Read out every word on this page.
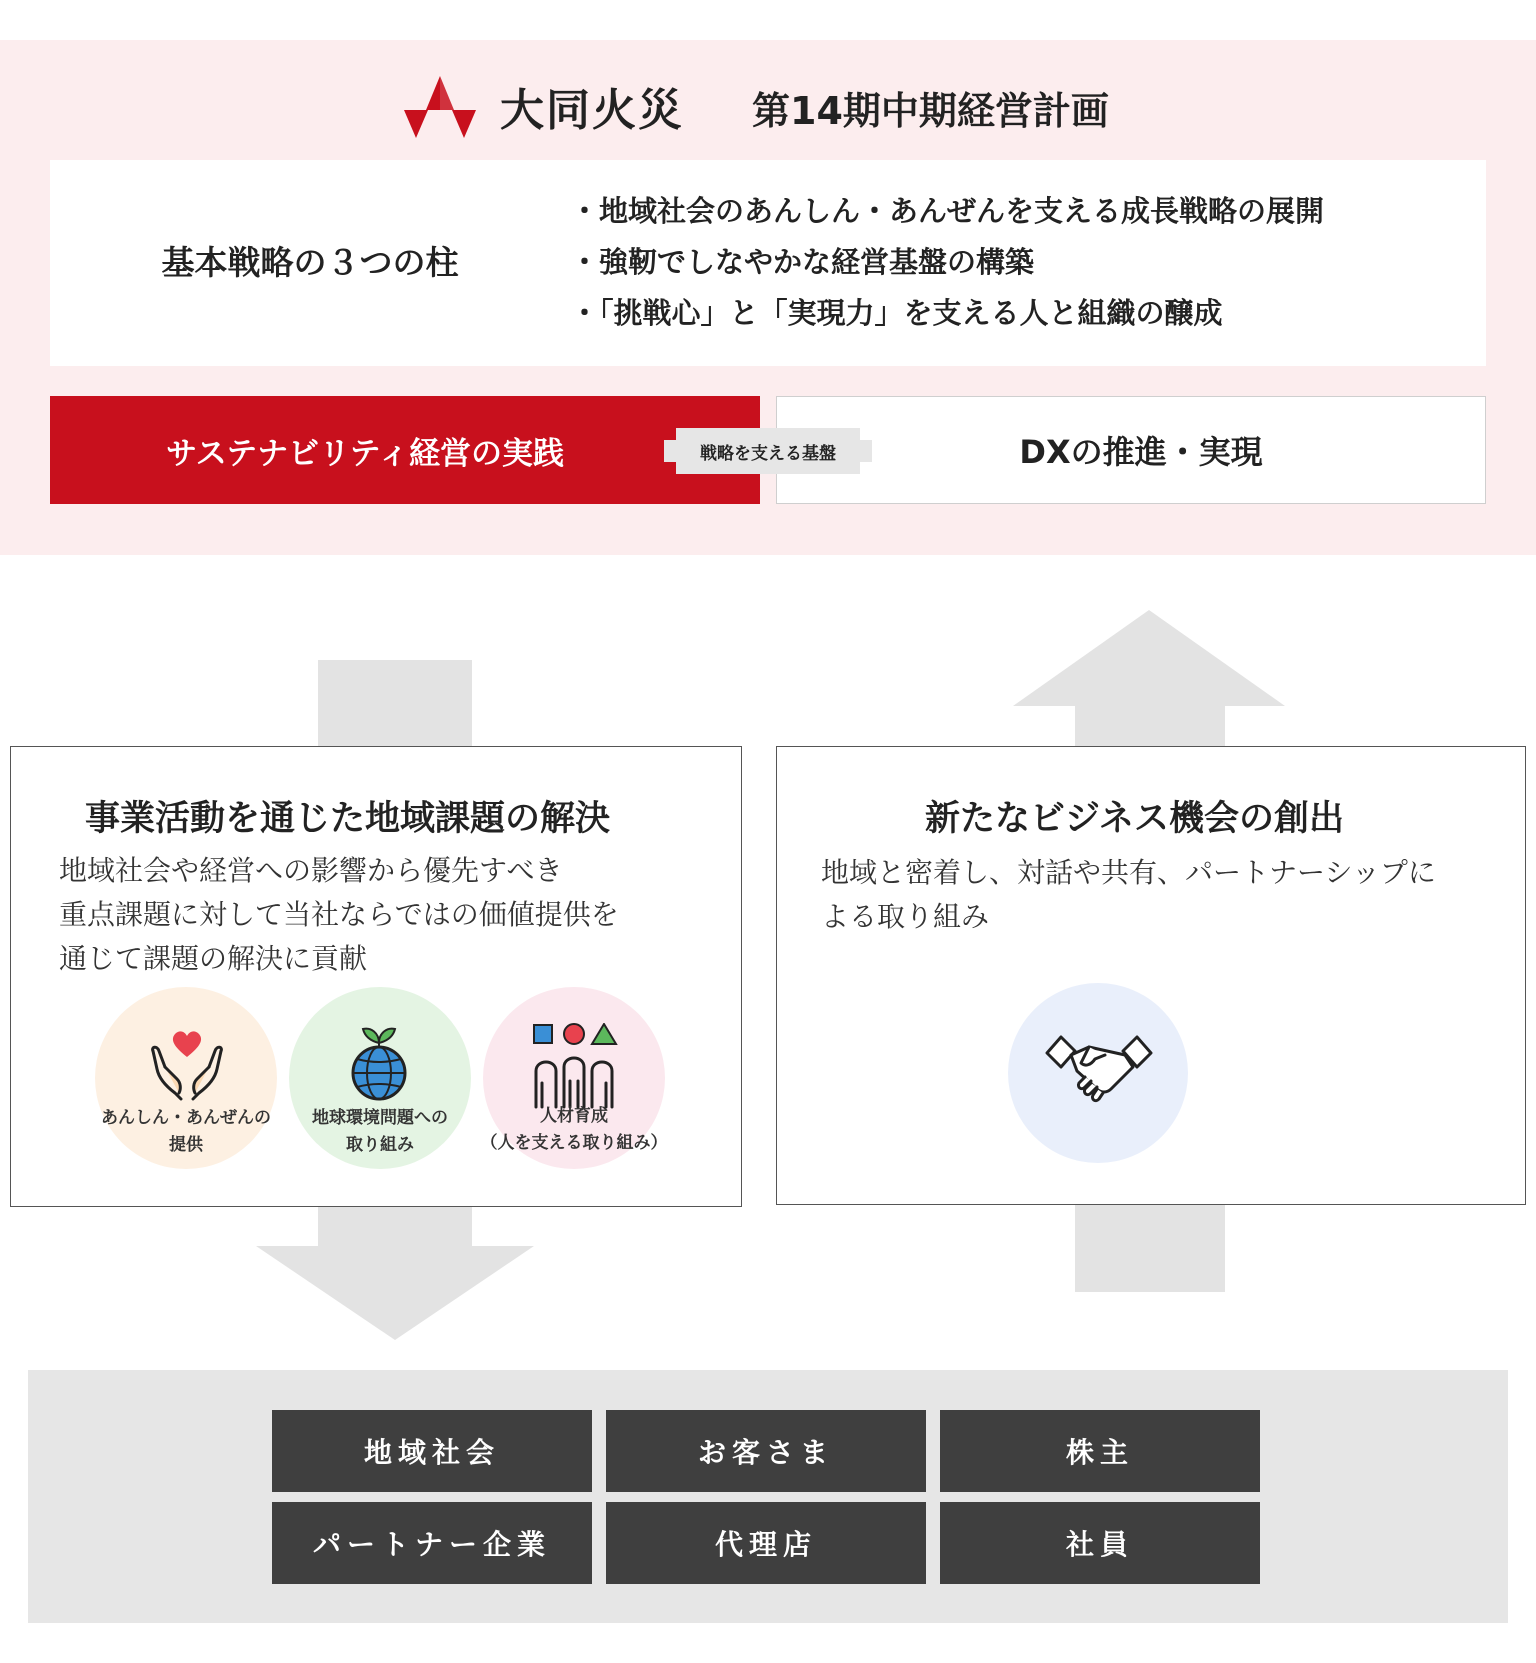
大同火災 第14期中期経営計画
基本戦略の３つの柱
・ 地域社会のあんしん・あんぜんを支える成長戦略の展開
・ 強靭でしなやかな経営基盤の構築
・ 「挑戦心」と「実現力」を支える人と組織の醸成
サステナビリティ経営の実践	DXの推進・実現
戦略を支える基盤
事業活動を通じた地域課題の解決
地域社会や経営への影響から優先すべき
重点課題に対して当社ならではの価値提供を
通じて課題の解決に貢献
あんしん・あんぜんの
提供
地球環境問題への
取り組み
人材育成
（人を支える取り組み）
新たなビジネス機会の創出
地域と密着し、対話や共有、パートナーシップに
よる取り組み
地域社会	お客さま	株主
パートナー企業	代理店	社員
